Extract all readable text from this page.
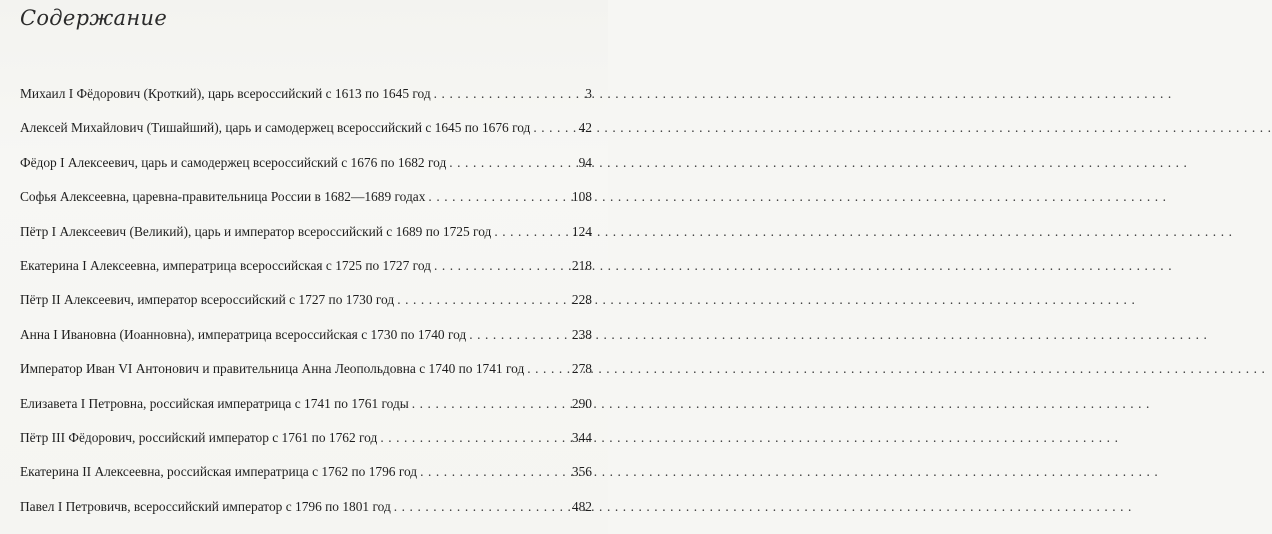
Содержание
Михаил I Фёдорович (Кроткий), царь всероссийский с 1613 по 1645 год . . .	3
Алексей Михайлович (Тишайший), царь и самодержец всероссийский с 1645 по 1676 год . . .	42
Фёдор I Алексеевич, царь и самодержец всероссийский с 1676 по 1682 год . . .	94
Софья Алексеевна, царевна-правительница России в 1682—1689 годах . . .	108
Пётр I Алексеевич (Великий), царь и император всероссийский с 1689 по 1725 год . . .	124
Екатерина I Алексеевна, императрица всероссийская с 1725 по 1727 год . . .	218
Пётр II Алексеевич, император всероссийский с 1727 по 1730 год . . .	228
Анна I Ивановна (Иоанновна), императрица всероссийская с 1730 по 1740 год . . .	238
Император Иван VI Антонович и правительница Анна Леопольдовна с 1740 по 1741 год . . .	278
Елизавета I Петровна, российская императрица с 1741 по 1761 годы . . .	290
Пётр III Фёдорович, российский император с 1761 по 1762 год . . .	344
Екатерина II Алексеевна, российская императрица с 1762 по 1796 год . . .	356
Павел I Петровичв, всероссийский император с 1796 по 1801 год . . .	482
